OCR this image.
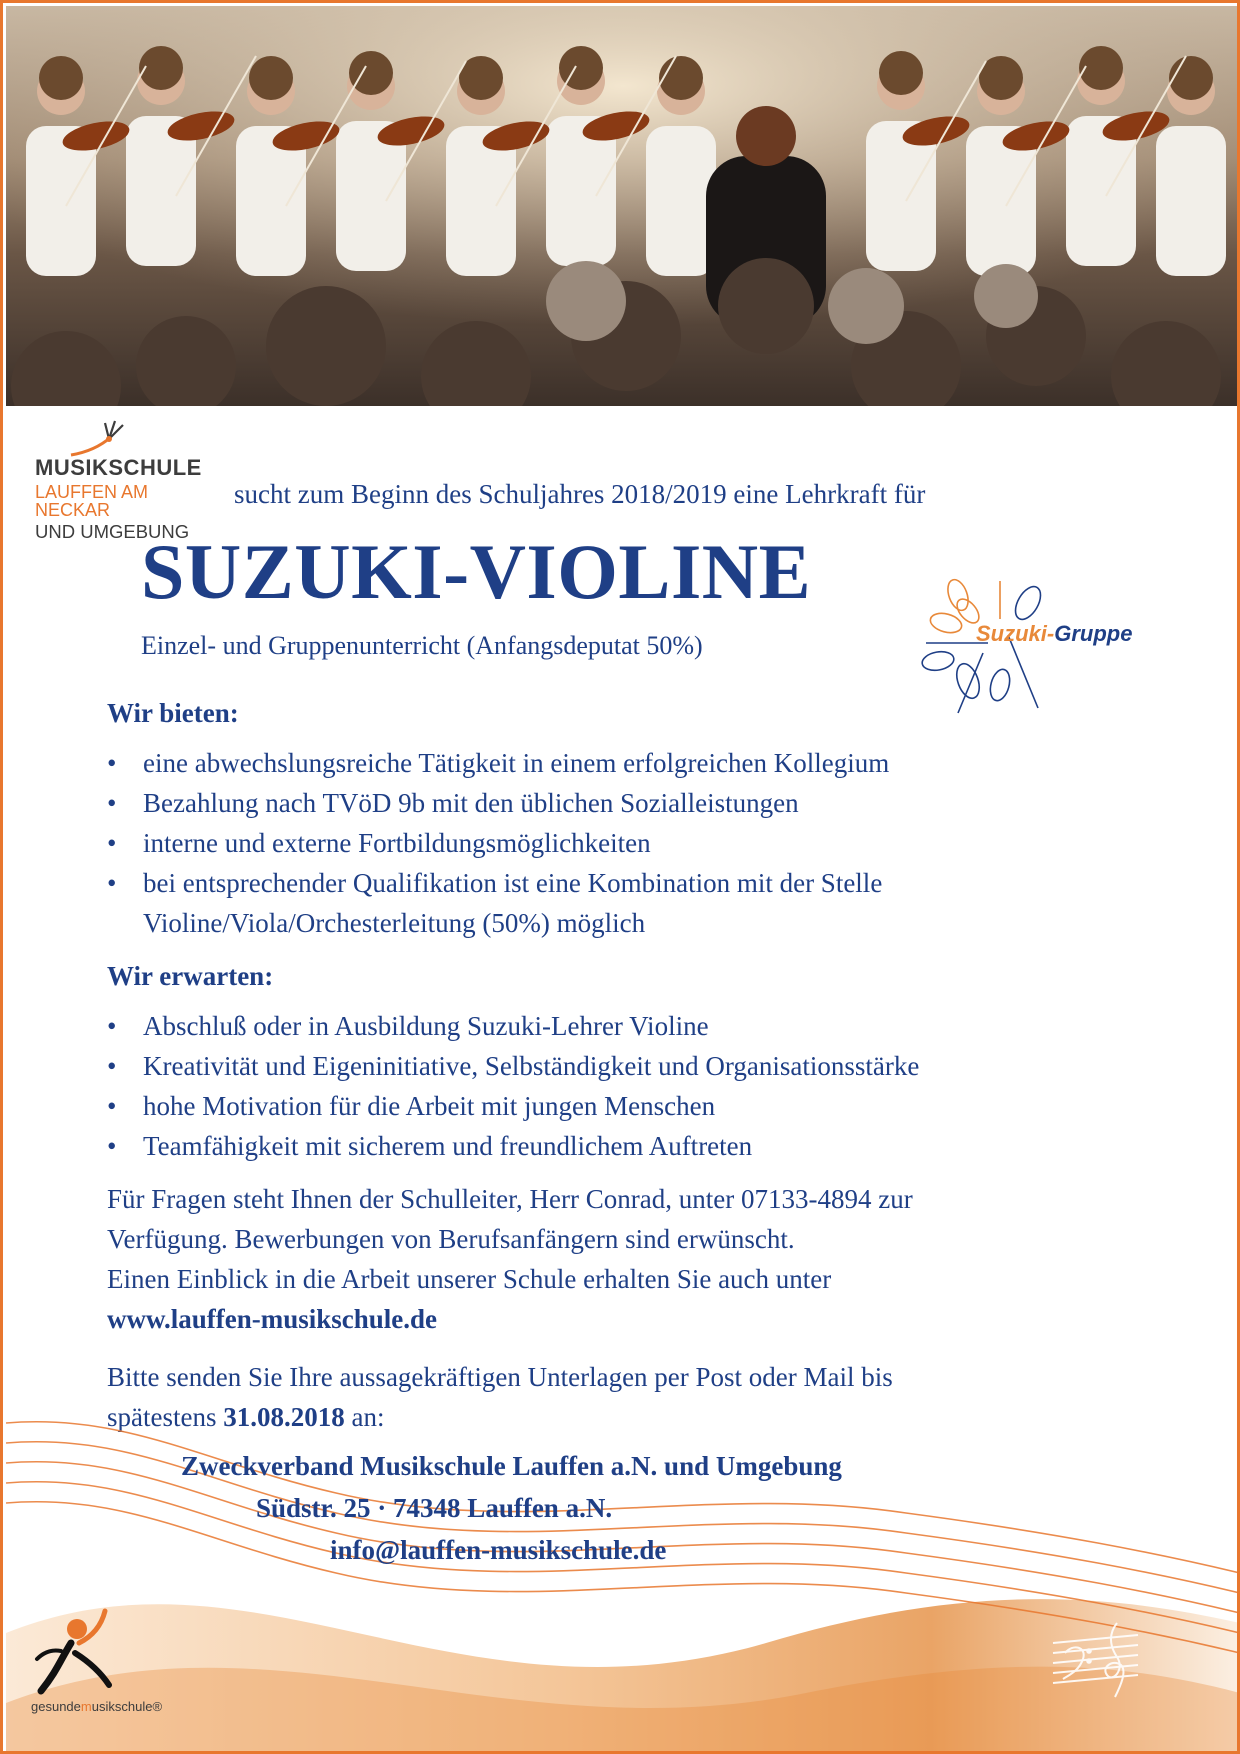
MUSIKSCHULE
LAUFFEN AM NECKAR
UND UMGEBUNG
sucht zum Beginn des Schuljahres 2018/2019 eine Lehrkraft für
SUZUKI-VIOLINE
Einzel- und Gruppenunterricht (Anfangsdeputat 50%)	Suzuki-Gruppe
Wir bieten:
• eine abwechslungsreiche Tätigkeit in einem erfolgreichen Kollegium
• Bezahlung nach TVöD 9b mit den üblichen Sozialleistungen
• interne und externe Fortbildungsmöglichkeiten
• bei entsprechender Qualifikation ist eine Kombination mit der Stelle Violine/Viola/Orchesterleitung (50%) möglich
Wir erwarten:
• Abschluß oder in Ausbildung Suzuki-Lehrer Violine
• Kreativität und Eigeninitiative, Selbständigkeit und Organisationsstärke
• hohe Motivation für die Arbeit mit jungen Menschen
• Teamfähigkeit mit sicherem und freundlichem Auftreten
Für Fragen steht Ihnen der Schulleiter, Herr Conrad, unter 07133-4894 zur
Verfügung. Bewerbungen von Berufsanfängern sind erwünscht.
Einen Einblick in die Arbeit unserer Schule erhalten Sie auch unter
www.lauffen-musikschule.de
Bitte senden Sie Ihre aussagekräftigen Unterlagen per Post oder Mail bis
spätestens 31.08.2018 an:
Zweckverband Musikschule Lauffen a.N. und Umgebung
Südstr. 25 · 74348 Lauffen a.N.
info@lauffen-musikschule.de
gesundemusikschule®
